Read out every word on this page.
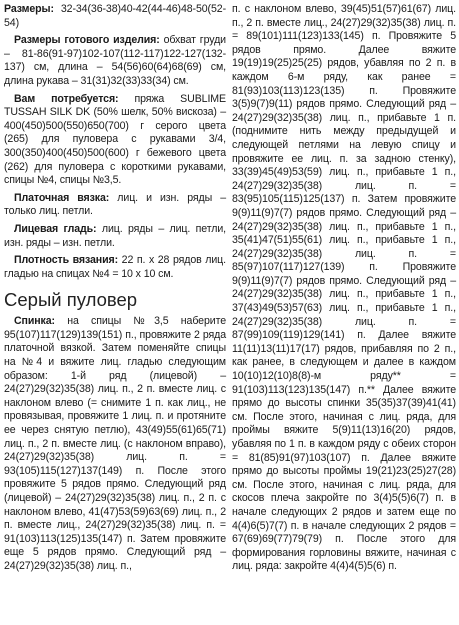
Размеры: 32-34(36-38)40-42(44-46)48-50(52-54)

Размеры готового изделия: обхват груди – 81-86(91-97)102-107(112-117)122-127(132-137) см, длина – 54(56)60(64)68(69) см, длина рукава – 31(31)32(33)33(34) см.

Вам потребуется: пряжа SUBLIME TUSSAH SILK DK (50% шелк, 50% вискоза) – 400(450)500(550)650(700) г серого цвета (265) для пуловера с рукавами 3/4, 300(350)400(450)500(600) г бежевого цвета (262) для пуловера с короткими рукавами, спицы №4, спицы №3,5.

Платочная вязка: лиц. и изн. ряды – только лиц. петли.

Лицевая гладь: лиц. ряды – лиц. петли, изн. ряды – изн. петли.

Плотность вязания: 22 п. х 28 рядов лиц. гладью на спицах №4 = 10 х 10 см.

Серый пуловер

Спинка: на спицы №3,5 наберите 95(107)117(129)139(151) п., провяжите 2 ряда платочной вязкой. Затем поменяйте спицы на №4 и вяжите лиц. гладью следующим образом: 1-й ряд (лицевой) – 24(27)29(32)35(38) лиц. п., 2 п. вместе лиц. с наклоном влево (= снимите 1 п. как лиц., не провязывая, провяжите 1 лиц. п. и протяните ее через снятую петлю), 43(49)55(61)65(71) лиц. п., 2 п. вместе лиц. (с наклоном вправо), 24(27)29(32)35(38) лиц. п. = 93(105)115(127)137(149) п. После этого провяжите 5 рядов прямо. Следующий ряд (лицевой) – 24(27)29(32)35(38) лиц. п., 2 п. с наклоном влево, 41(47)53(59)63(69) лиц. п., 2 п. вместе лиц., 24(27)29(32)35(38) лиц. п. = 91(103)113(125)135(147) п. Затем провяжите еще 5 рядов прямо. Следующий ряд – 24(27)29(32)35(38) лиц. п.,

п. с наклоном влево, 39(45)51(57)61(67) лиц. п., 2 п. вместе лиц., 24(27)29(32)35(38) лиц. п. = 89(101)111(123)133(145) п. Провяжите 5 рядов прямо. Далее вяжите 19(19)19(25)25(25) рядов, убавляя по 2 п. в каждом 6-м ряду, как ранее = 81(93)103(113)123(135) п. Провяжите 3(5)9(7)9(11) рядов прямо. Следующий ряд – 24(27)29(32)35(38) лиц. п., прибавьте 1 п. (поднимите нить между предыдущей и следующей петлями на левую спицу и провяжите ее лиц. п. за задною стенку), 33(39)45(49)53(59) лиц. п., прибавьте 1 п., 24(27)29(32)35(38) лиц. п. = 83(95)105(115)125(137) п. Затем провяжите 9(9)11(9)7(7) рядов прямо. Следующий ряд – 24(27)29(32)35(38) лиц. п., прибавьте 1 п., 35(41)47(51)55(61) лиц. п., прибавьте 1 п., 24(27)29(32)35(38) лиц. п. = 85(97)107(117)127(139) п. Провяжите 9(9)11(9)7(7) рядов прямо. Следующий ряд – 24(27)29(32)35(38) лиц. п., прибавьте 1 п., 37(43)49(53)57(63) лиц. п., прибавьте 1 п., 24(27)29(32)35(38) лиц. п. = 87(99)109(119)129(141) п. Далее вяжите 11(11)13(11)17(17) рядов, прибавляя по 2 п., как ранее, в следующем и далее в каждом 10(10)12(10)8(8)-м ряду** = 91(103)113(123)135(147) п.** Далее вяжите прямо до высоты спинки 35(35)37(39)41(41) см. После этого, начиная с лиц. ряда, для проймы вяжите 5(9)11(13)16(20) рядов, убавляя по 1 п. в каждом ряду с обеих сторон = 81(85)91(97)103(107) п. Далее вяжите прямо до высоты проймы 19(21)23(25)27(28) см. После этого, начиная с лиц. ряда, для скосов плеча закройте по 3(4)5(5)6(7) п. в начале следующих 2 рядов и затем еще по 4(4)6(5)7(7) п. в начале следующих 2 рядов = 67(69)69(77)79(79) п. После этого для формирования горловины вяжите, начиная с лиц. ряда: закройте 4(4)4(5)5(6) п.
